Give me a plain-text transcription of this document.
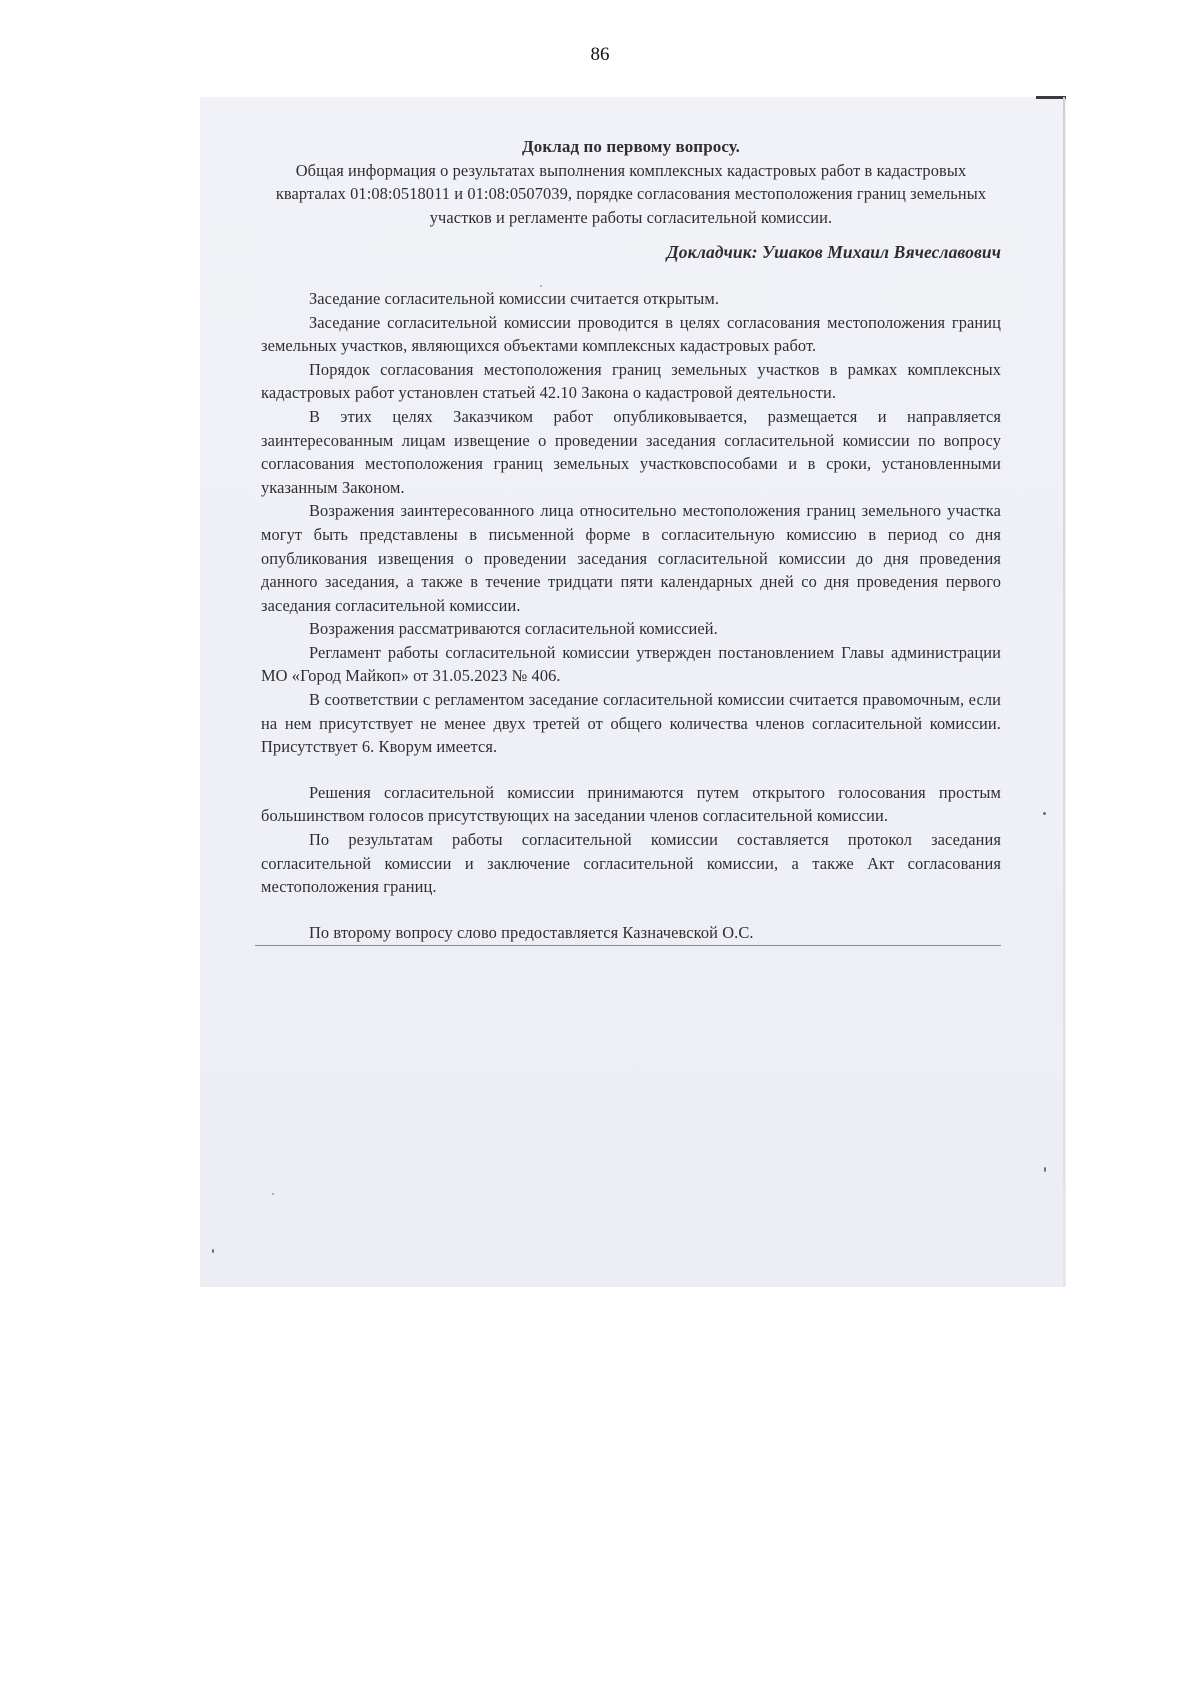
86

Доклад по первому вопросу.

Общая информация о результатах выполнения комплексных кадастровых работ в кадастровых кварталах 01:08:0518011 и 01:08:0507039, порядке согласования местоположения границ земельных участков и регламенте работы согласительной комиссии.

Докладчик: Ушаков Михаил Вячеславович

Заседание согласительной комиссии считается открытым.

Заседание согласительной комиссии проводится в целях согласования местоположения границ земельных участков, являющихся объектами комплексных кадастровых работ.

Порядок согласования местоположения границ земельных участков в рамках комплексных кадастровых работ установлен статьей 42.10 Закона о кадастровой деятельности.

В этих целях Заказчиком работ опубликовывается, размещается и направляется заинтересованным лицам извещение о проведении заседания согласительной комиссии по вопросу согласования местоположения границ земельных участковспособами и в сроки, установленными указанным Законом.

Возражения заинтересованного лица относительно местоположения границ земельного участка могут быть представлены в письменной форме в согласительную комиссию в период со дня опубликования извещения о проведении заседания согласительной комиссии до дня проведения данного заседания, а также в течение тридцати пяти календарных дней со дня проведения первого заседания согласительной комиссии.

Возражения рассматриваются согласительной комиссией.

Регламент работы согласительной комиссии утвержден постановлением Главы администрации МО «Город Майкоп» от 31.05.2023 № 406.

В соответствии с регламентом заседание согласительной комиссии считается правомочным, если на нем присутствует не менее двух третей от общего количества членов согласительной комиссии. Присутствует 6. Кворум имеется.

Решения согласительной комиссии принимаются путем открытого голосования простым большинством голосов присутствующих на заседании членов согласительной комиссии.

По результатам работы согласительной комиссии составляется протокол заседания согласительной комиссии и заключение согласительной комиссии, а также Акт согласования местоположения границ.

По второму вопросу слово предоставляется Казначевской О.С.
